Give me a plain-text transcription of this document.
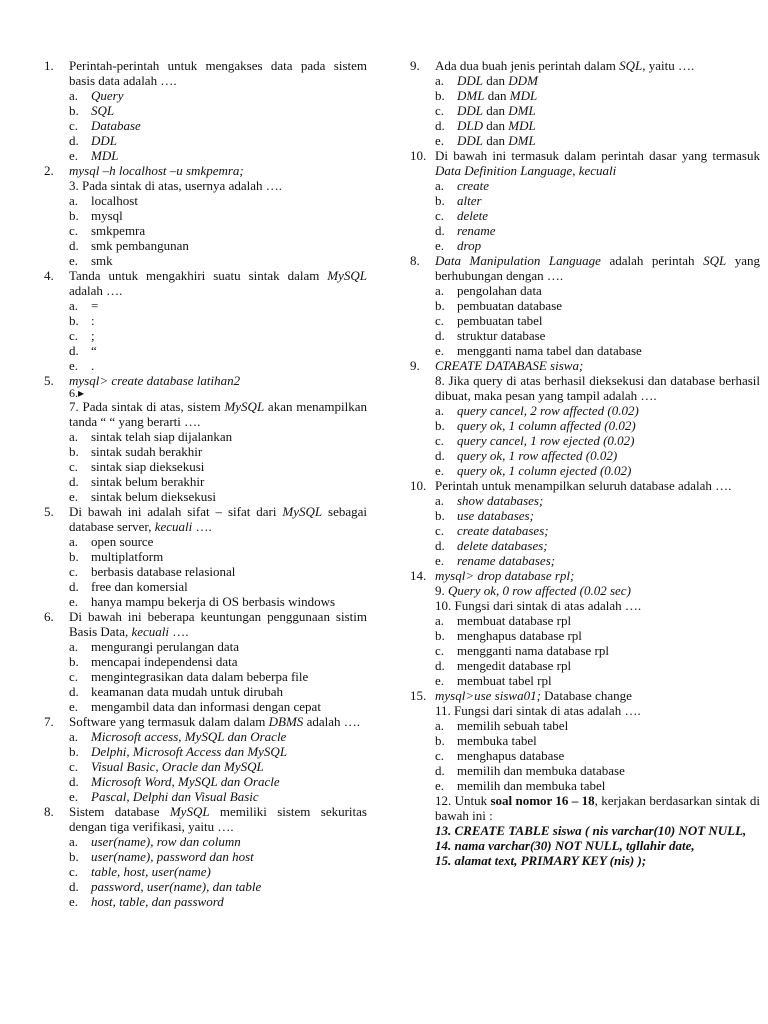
1. Perintah-perintah untuk mengakses data pada sistem basis data adalah ….
a. Query
b. SQL
c. Database
d. DDL
e. MDL
2. mysql –h localhost –u smkpemra;
3. Pada sintak di atas, usernya adalah ….
a. localhost
b. mysql
c. smkpemra
d. smk pembangunan
e. smk
4. Tanda untuk mengakhiri suatu sintak dalam MySQL adalah ….
a. =
b. :
c. ;
d. “
e. .
5. mysql> create database latihan2
6.▸
7. Pada sintak di atas, sistem MySQL akan menampilkan tanda “ “ yang berarti ….
a. sintak telah siap dijalankan
b. sintak sudah berakhir
c. sintak siap dieksekusi
d. sintak belum berakhir
e. sintak belum dieksekusi
5. Di bawah ini adalah sifat – sifat dari MySQL sebagai database server, kecuali ….
a. open source
b. multiplatform
c. berbasis database relasional
d. free dan komersial
e. hanya mampu bekerja di OS berbasis windows
6. Di bawah ini beberapa keuntungan penggunaan sistim Basis Data, kecuali ….
a. mengurangi perulangan data
b. mencapai independensi data
c. mengintegrasikan data dalam beberpa file
d. keamanan data mudah untuk dirubah
e. mengambil data dan informasi dengan cepat
7. Software yang termasuk dalam dalam DBMS adalah ….
a. Microsoft access, MySQL dan Oracle
b. Delphi, Microsoft Access dan MySQL
c. Visual Basic, Oracle dan MySQL
d. Microsoft Word, MySQL dan Oracle
e. Pascal, Delphi dan Visual Basic
8. Sistem database MySQL memiliki sistem sekuritas dengan tiga verifikasi, yaitu ….
a. user(name), row dan column
b. user(name), password dan host
c. table, host, user(name)
d. password, user(name), dan table
e. host, table, dan password
9. Ada dua buah jenis perintah dalam SQL, yaitu ….
a. DDL dan DDM
b. DML dan MDL
c. DDL dan DML
d. DLD dan MDL
e. DDL dan DML
10. Di bawah ini termasuk dalam perintah dasar yang termasuk Data Definition Language, kecuali
a. create
b. alter
c. delete
d. rename
e. drop
8. Data Manipulation Language adalah perintah SQL yang berhubungan dengan ….
a. pengolahan data
b. pembuatan database
c. pembuatan tabel
d. struktur database
e. mengganti nama tabel dan database
9. CREATE DATABASE siswa;
8. Jika query di atas berhasil dieksekusi dan database berhasil dibuat, maka pesan yang tampil adalah ….
a. query cancel, 2 row affected (0.02)
b. query ok, 1 column affected (0.02)
c. query cancel, 1 row ejected (0.02)
d. query ok, 1 row affected (0.02)
e. query ok, 1 column ejected (0.02)
10. Perintah untuk menampilkan seluruh database adalah ….
a. show databases;
b. use databases;
c. create databases;
d. delete databases;
e. rename databases;
14. mysql> drop database rpl;
9. Query ok, 0 row affected (0.02 sec)
10. Fungsi dari sintak di atas adalah ….
a. membuat database rpl
b. menghapus database rpl
c. mengganti nama database rpl
d. mengedit database rpl
e. membuat tabel rpl
15. mysql>use siswa01; Database change
11. Fungsi dari sintak di atas adalah ….
a. memilih sebuah tabel
b. membuka tabel
c. menghapus database
d. memilih dan membuka database
e. memilih dan membuka tabel
12. Untuk soal nomor 16 – 18, kerjakan berdasarkan sintak di bawah ini :
13. CREATE TABLE siswa ( nis varchar(10) NOT NULL,
14. nama varchar(30) NOT NULL, tgllahir date,
15. alamat text, PRIMARY KEY (nis) );
